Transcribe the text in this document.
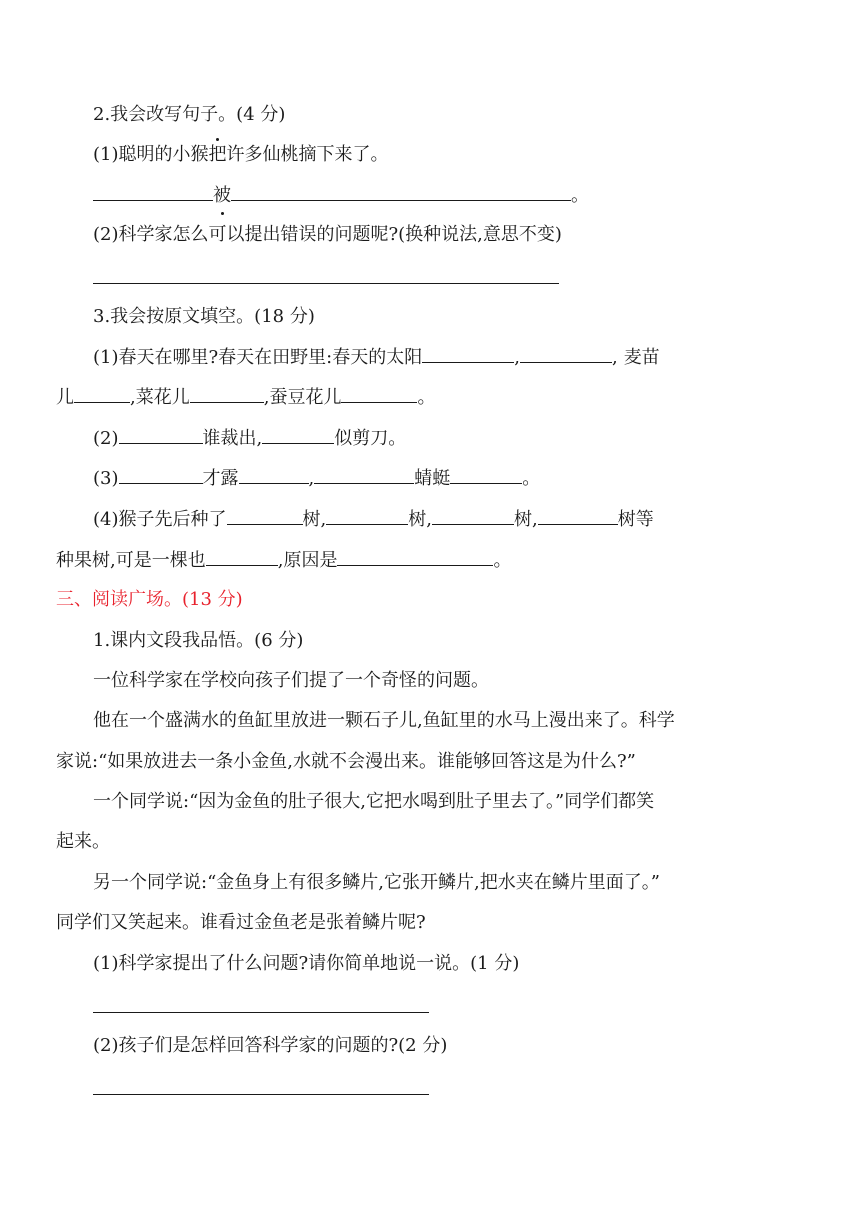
2.我会改写句子。(4 分)
(1)聪明的小猴把许多仙桃摘下来了。
被	。
(2)科学家怎么可以提出错误的问题呢?(换种说法,意思不变)
3.我会按原文填空。(18 分)
(1)春天在哪里?春天在田野里:春天的太阳	,	, 麦苗
儿	,菜花儿	,蚕豆花儿	。
(2)	谁裁出,	似剪刀。
(3)	才露	,	蜻蜓	。
(4)猴子先后种了	树,	树,	树,	树等
种果树,可是一棵也	,原因是	。
三、阅读广场。(13 分)
1.课内文段我品悟。(6 分)
一位科学家在学校向孩子们提了一个奇怪的问题。
他在一个盛满水的鱼缸里放进一颗石子儿,鱼缸里的水马上漫出来了。科学
家说:“如果放进去一条小金鱼,水就不会漫出来。谁能够回答这是为什么?”
一个同学说:“因为金鱼的肚子很大,它把水喝到肚子里去了。”同学们都笑
起来。
另一个同学说:“金鱼身上有很多鳞片,它张开鳞片,把水夹在鳞片里面了。”
同学们又笑起来。谁看过金鱼老是张着鳞片呢?
(1)科学家提出了什么问题?请你简单地说一说。(1 分)
(2)孩子们是怎样回答科学家的问题的?(2 分)
